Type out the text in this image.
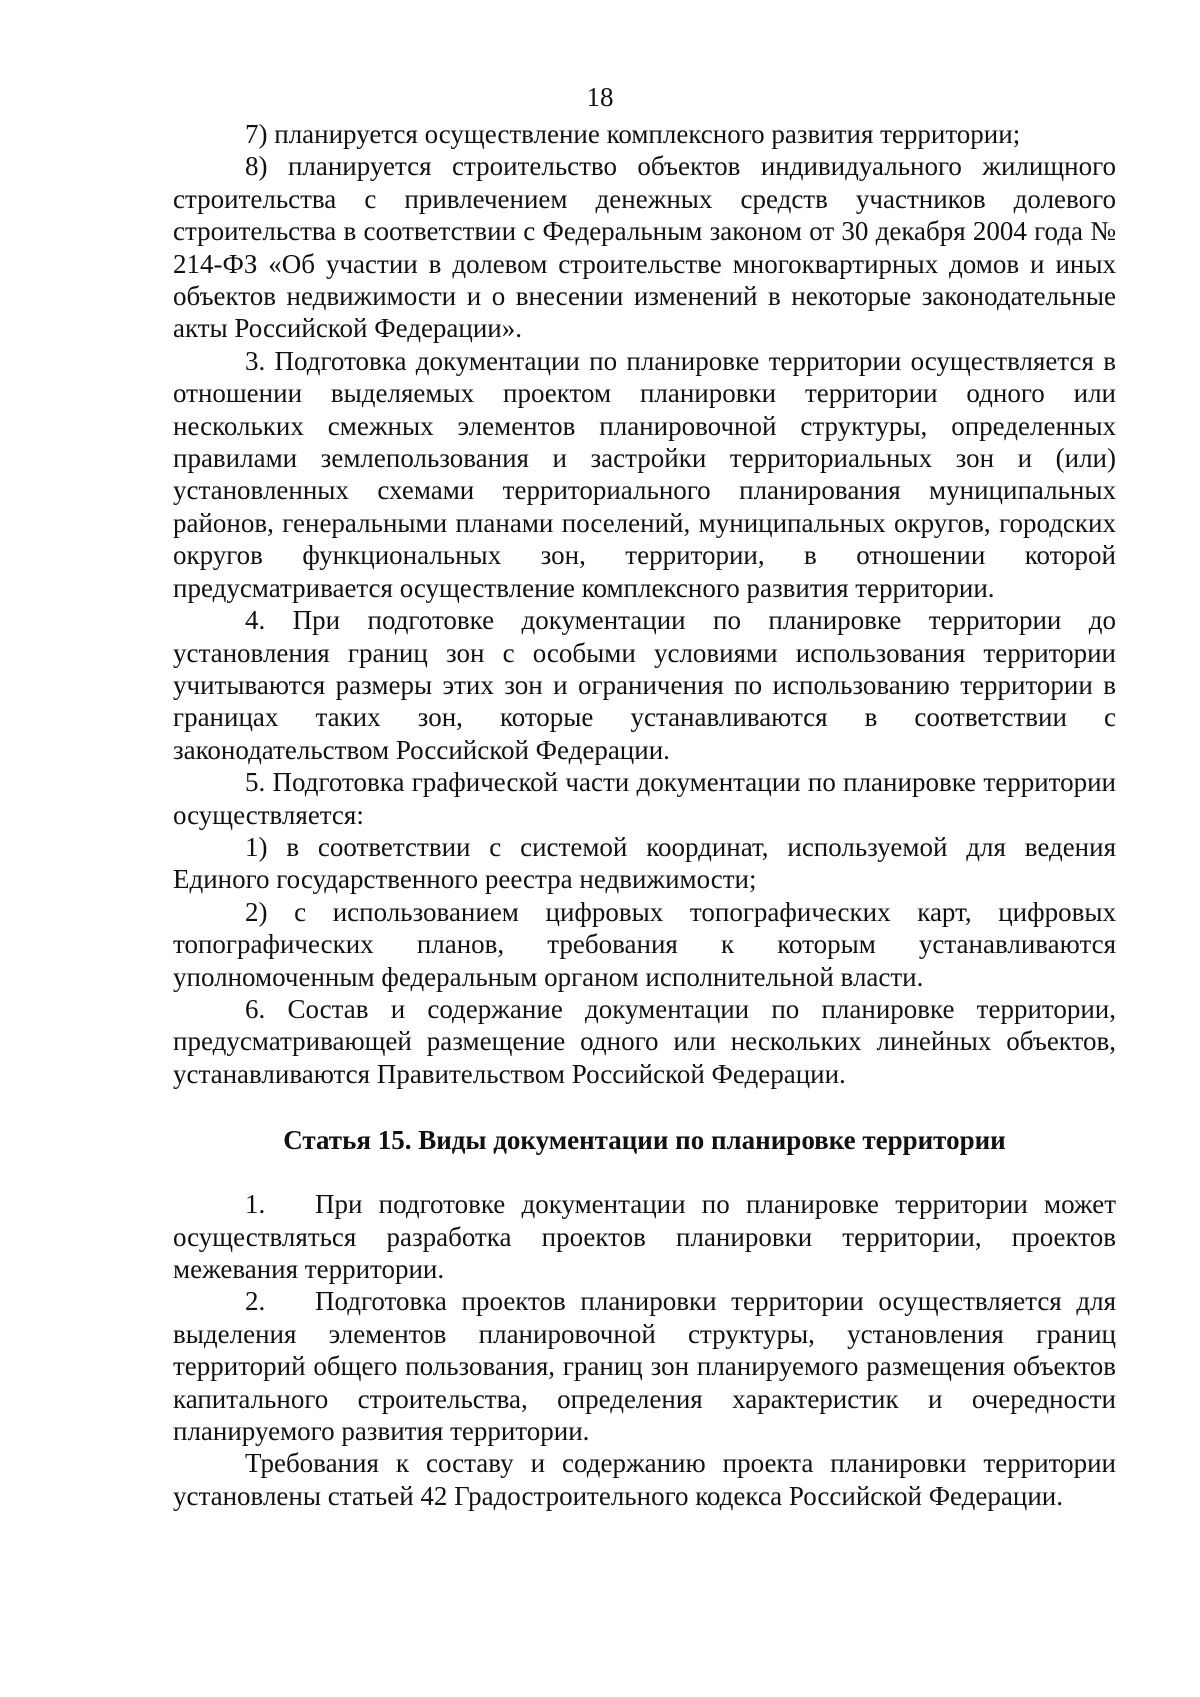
18

7) планируется осуществление комплексного развития территории;

8) планируется строительство объектов индивидуального жилищного строительства с привлечением денежных средств участников долевого строительства в соответствии с Федеральным законом от 30 декабря 2004 года № 214-ФЗ «Об участии в долевом строительстве многоквартирных домов и иных объектов недвижимости и о внесении изменений в некоторые законодательные акты Российской Федерации».

3. Подготовка документации по планировке территории осуществляется в отношении выделяемых проектом планировки территории одного или нескольких смежных элементов планировочной структуры, определенных правилами землепользования и застройки территориальных зон и (или) установленных схемами территориального планирования муниципальных районов, генеральными планами поселений, муниципальных округов, городских округов функциональных зон, территории, в отношении которой предусматривается осуществление комплексного развития территории.

4. При подготовке документации по планировке территории до установления границ зон с особыми условиями использования территории учитываются размеры этих зон и ограничения по использованию территории в границах таких зон, которые устанавливаются в соответствии с законодательством Российской Федерации.

5. Подготовка графической части документации по планировке территории осуществляется:

1) в соответствии с системой координат, используемой для ведения Единого государственного реестра недвижимости;

2) с использованием цифровых топографических карт, цифровых топографических планов, требования к которым устанавливаются уполномоченным федеральным органом исполнительной власти.

6. Состав и содержание документации по планировке территории, предусматривающей размещение одного или нескольких линейных объектов, устанавливаются Правительством Российской Федерации.

Статья 15. Виды документации по планировке территории

1. При подготовке документации по планировке территории может осуществляться разработка проектов планировки территории, проектов межевания территории.

2. Подготовка проектов планировки территории осуществляется для выделения элементов планировочной структуры, установления границ территорий общего пользования, границ зон планируемого размещения объектов капитального строительства, определения характеристик и очередности планируемого развития территории.

Требования к составу и содержанию проекта планировки территории установлены статьей 42 Градостроительного кодекса Российской Федерации.
